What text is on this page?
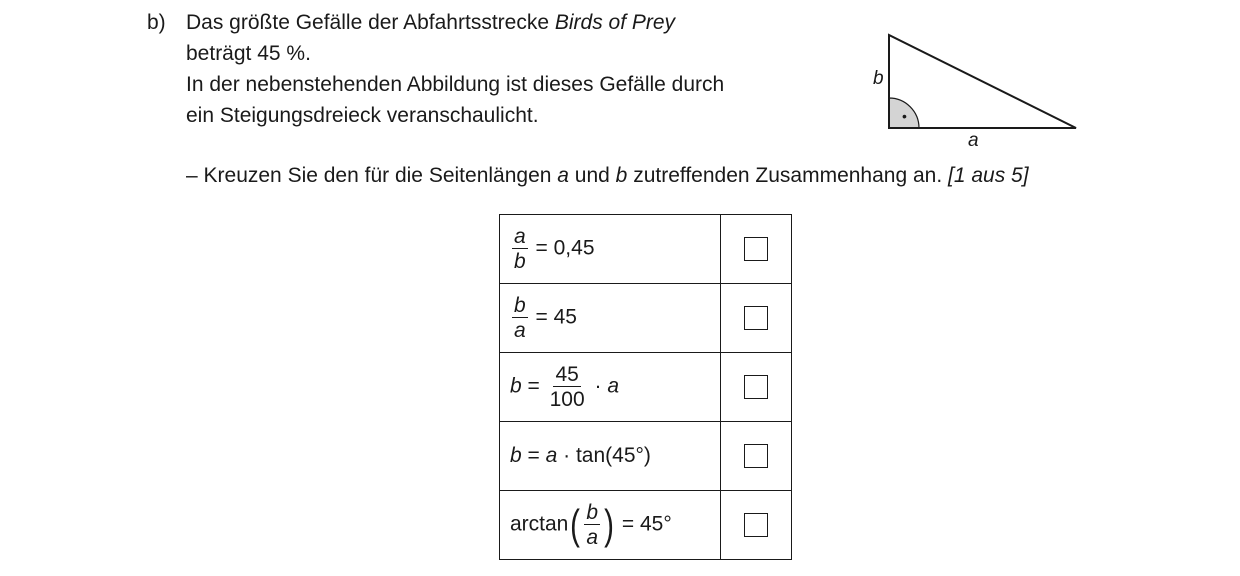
b) Das größte Gefälle der Abfahrtsstrecke Birds of Prey
beträgt 45 %.
In der nebenstehenden Abbildung ist dieses Gefälle durch
ein Steigungsdreieck veranschaulicht.	•
b
a
– Kreuzen Sie den für die Seitenlängen a und b zutreffenden Zusammenhang an. [1 aus 5]
$\frac{a}{b} = 0,45$	

$\frac{b}{a} = 45$	
$b = \frac{45}{100} \cdot a$	
b = a · tan(45°)	
$\arctan( \frac{b}{a}$ ) = 45°	
